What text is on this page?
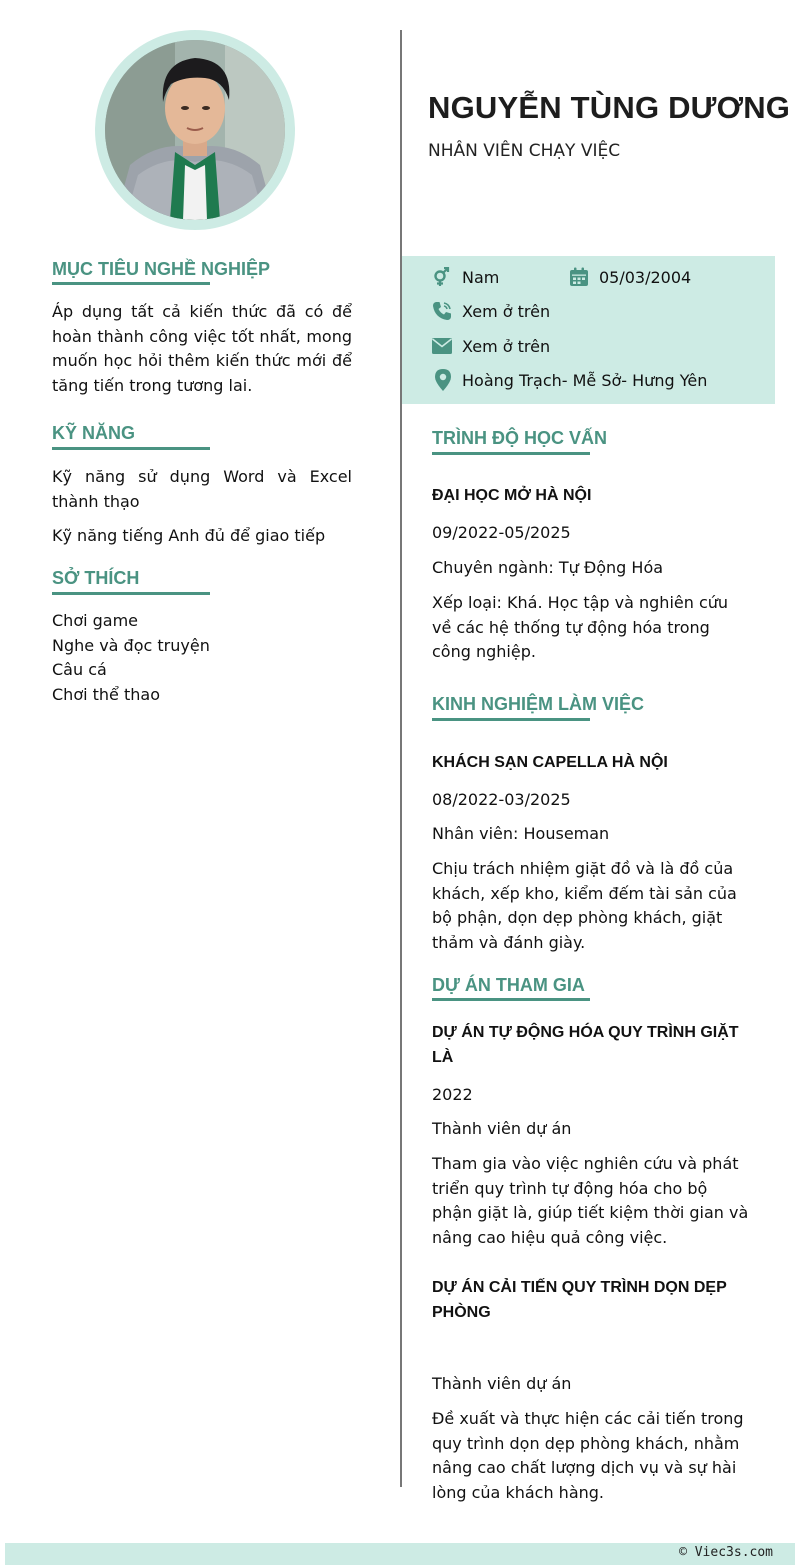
MỤC TIÊU NGHỀ NGHIỆP
Áp dụng tất cả kiến thức đã có để hoàn thành công việc tốt nhất, mong muốn học hỏi thêm kiến thức mới để tăng tiến trong tương lai.
KỸ NĂNG
Kỹ năng sử dụng Word và Excel thành thạo
Kỹ năng tiếng Anh đủ để giao tiếp
SỞ THÍCH
Chơi game
Nghe và đọc truyện
Câu cá
Chơi thể thao
NGUYỄN TÙNG DƯƠNG
NHÂN VIÊN CHẠY VIỆC
Nam	05/03/2004
Xem ở trên
Xem ở trên
Hoàng Trạch- Mễ Sở- Hưng Yên
TRÌNH ĐỘ HỌC VẤN
ĐẠI HỌC MỞ HÀ NỘI
09/2022-05/2025
Chuyên ngành: Tự Động Hóa
Xếp loại: Khá. Học tập và nghiên cứu về các hệ thống tự động hóa trong công nghiệp.
KINH NGHIỆM LÀM VIỆC
KHÁCH SẠN CAPELLA HÀ NỘI
08/2022-03/2025
Nhân viên: Houseman
Chịu trách nhiệm giặt đồ và là đồ của khách, xếp kho, kiểm đếm tài sản của bộ phận, dọn dẹp phòng khách, giặt thảm và đánh giày.
DỰ ÁN THAM GIA
DỰ ÁN TỰ ĐỘNG HÓA QUY TRÌNH GIẶT LÀ
2022
Thành viên dự án
Tham gia vào việc nghiên cứu và phát triển quy trình tự động hóa cho bộ phận giặt là, giúp tiết kiệm thời gian và nâng cao hiệu quả công việc.
DỰ ÁN CẢI TIẾN QUY TRÌNH DỌN DẸP PHÒNG
Thành viên dự án
Đề xuất và thực hiện các cải tiến trong quy trình dọn dẹp phòng khách, nhằm nâng cao chất lượng dịch vụ và sự hài lòng của khách hàng.
© Viec3s.com
